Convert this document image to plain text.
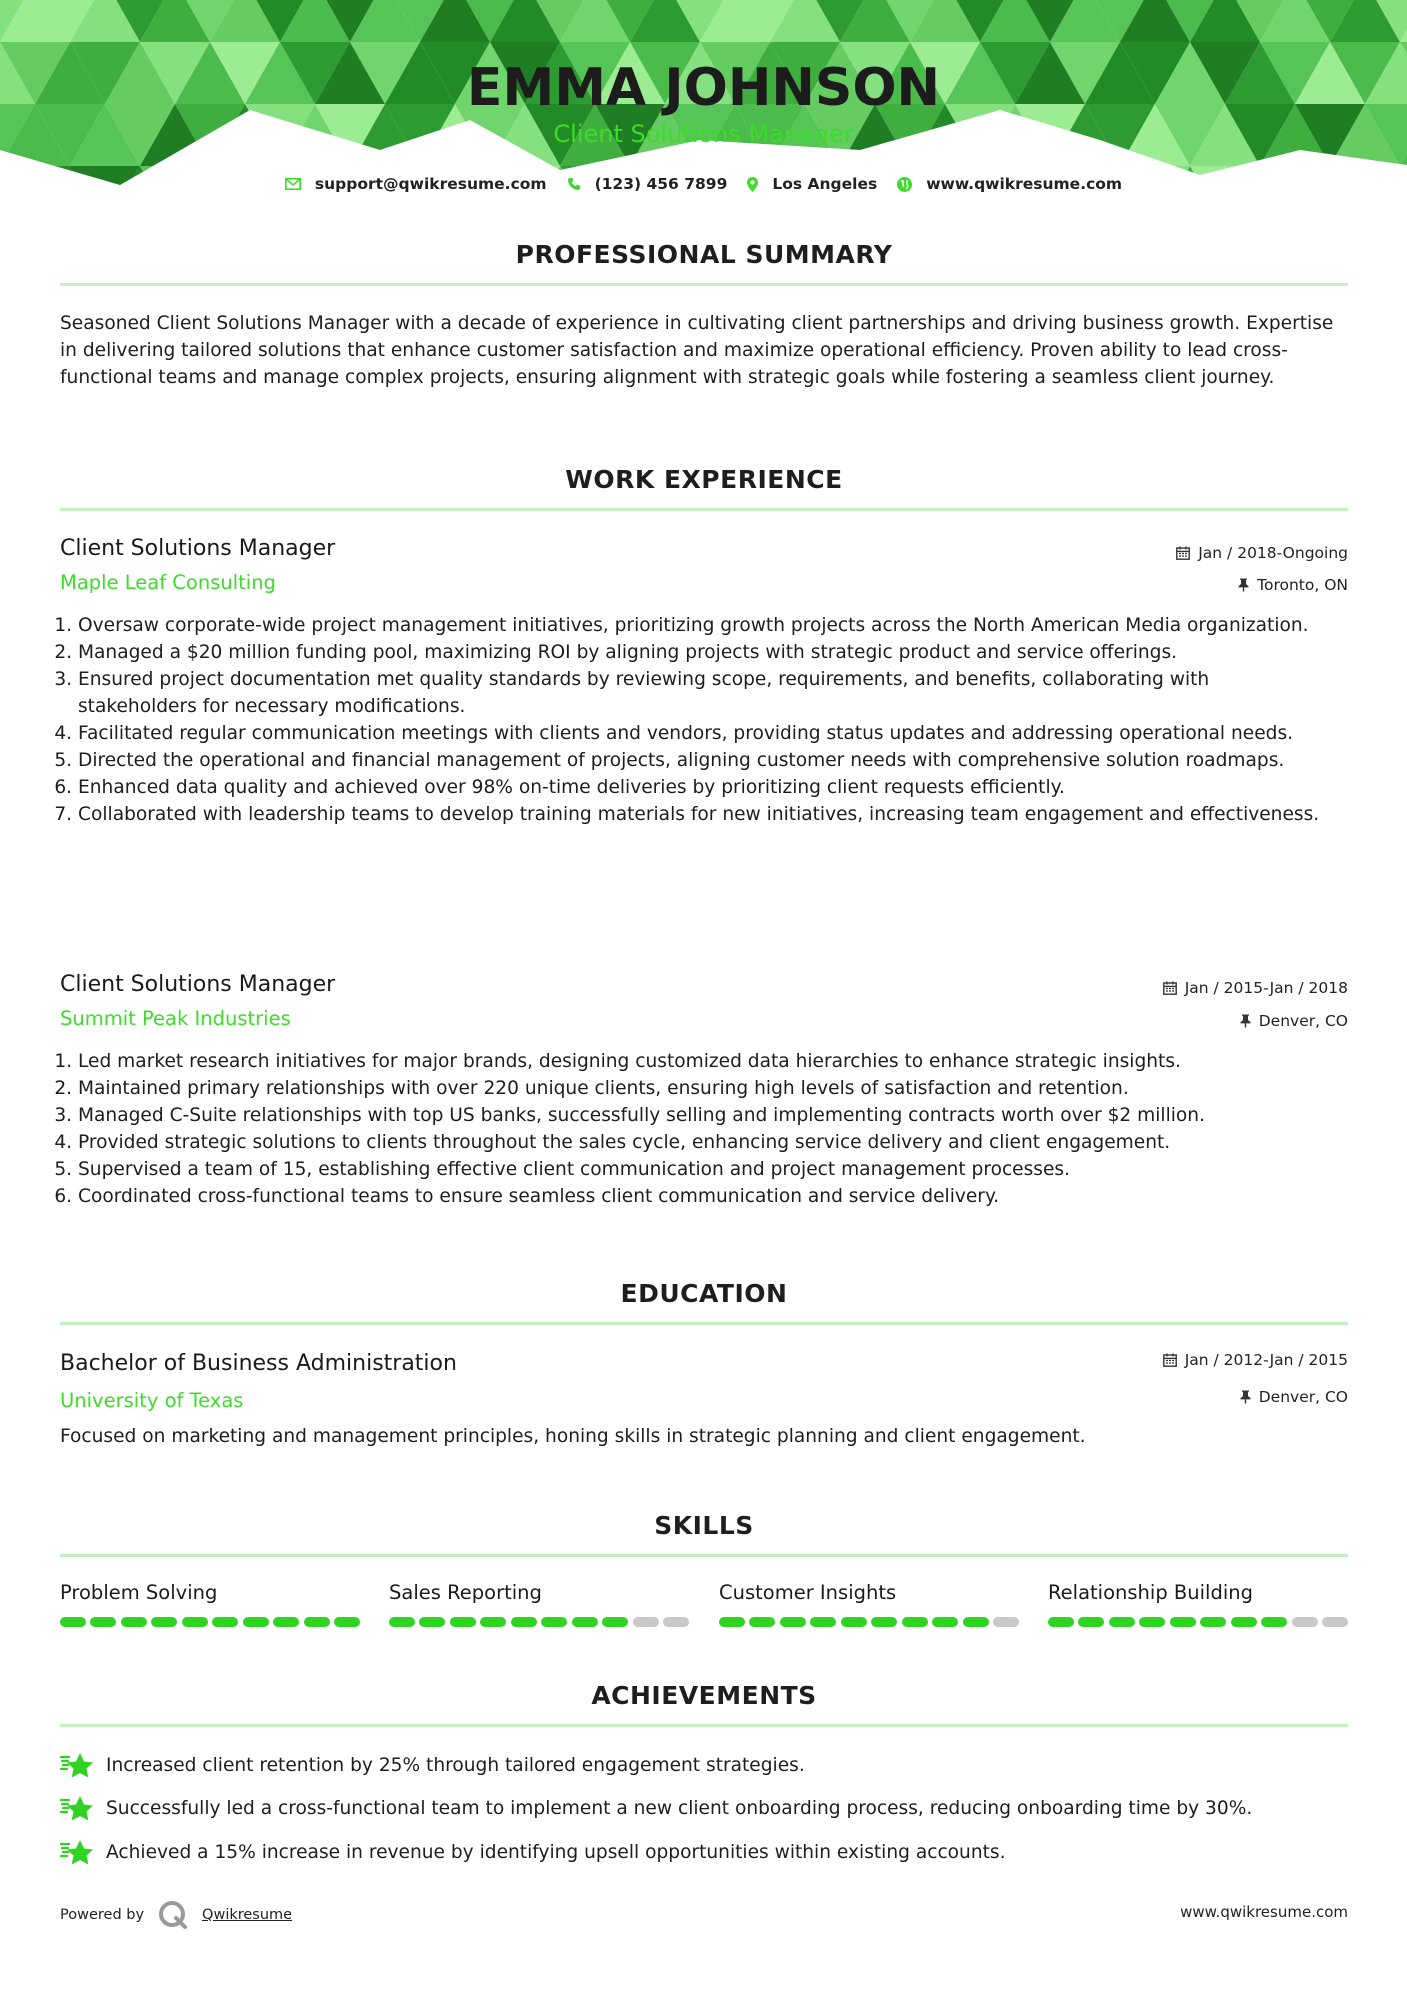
EMMA JOHNSON
Client Solutions Manager
support@qwikresume.com	(123) 456 7899	Los Angeles	www.qwikresume.com
PROFESSIONAL SUMMARY

Seasoned Client Solutions Manager with a decade of experience in cultivating client partnerships and driving business growth. Expertise in delivering tailored solutions that enhance customer satisfaction and maximize operational efficiency. Proven ability to lead cross-functional teams and manage complex projects, ensuring alignment with strategic goals while fostering a seamless client journey.

WORK EXPERIENCE
Client Solutions Manager	Jan / 2018-Ongoing
Maple Leaf Consulting	Toronto, ON
1. Oversaw corporate-wide project management initiatives, prioritizing growth projects across the North American Media organization.
2. Managed a $20 million funding pool, maximizing ROI by aligning projects with strategic product and service offerings.
3. Ensured project documentation met quality standards by reviewing scope, requirements, and benefits, collaborating with stakeholders for necessary modifications.
4. Facilitated regular communication meetings with clients and vendors, providing status updates and addressing operational needs.
5. Directed the operational and financial management of projects, aligning customer needs with comprehensive solution roadmaps.
6. Enhanced data quality and achieved over 98% on-time deliveries by prioritizing client requests efficiently.
7. Collaborated with leadership teams to develop training materials for new initiatives, increasing team engagement and effectiveness.
Client Solutions Manager	Jan / 2015-Jan / 2018
Summit Peak Industries	Denver, CO
1. Led market research initiatives for major brands, designing customized data hierarchies to enhance strategic insights.
2. Maintained primary relationships with over 220 unique clients, ensuring high levels of satisfaction and retention.
3. Managed C-Suite relationships with top US banks, successfully selling and implementing contracts worth over $2 million.
4. Provided strategic solutions to clients throughout the sales cycle, enhancing service delivery and client engagement.
5. Supervised a team of 15, establishing effective client communication and project management processes.
6. Coordinated cross-functional teams to ensure seamless client communication and service delivery.
EDUCATION
Bachelor of Business Administration	Jan / 2012-Jan / 2015
University of Texas	Denver, CO

Focused on marketing and management principles, honing skills in strategic planning and client engagement.

SKILLS
Problem Solving	Sales Reporting	Customer Insights	Relationship Building
ACHIEVEMENTS
Increased client retention by 25% through tailored engagement strategies.
Successfully led a cross-functional team to implement a new client onboarding process, reducing onboarding time by 30%.
Achieved a 15% increase in revenue by identifying upsell opportunities within existing accounts.
Powered by	Qwikresume	www.qwikresume.com
